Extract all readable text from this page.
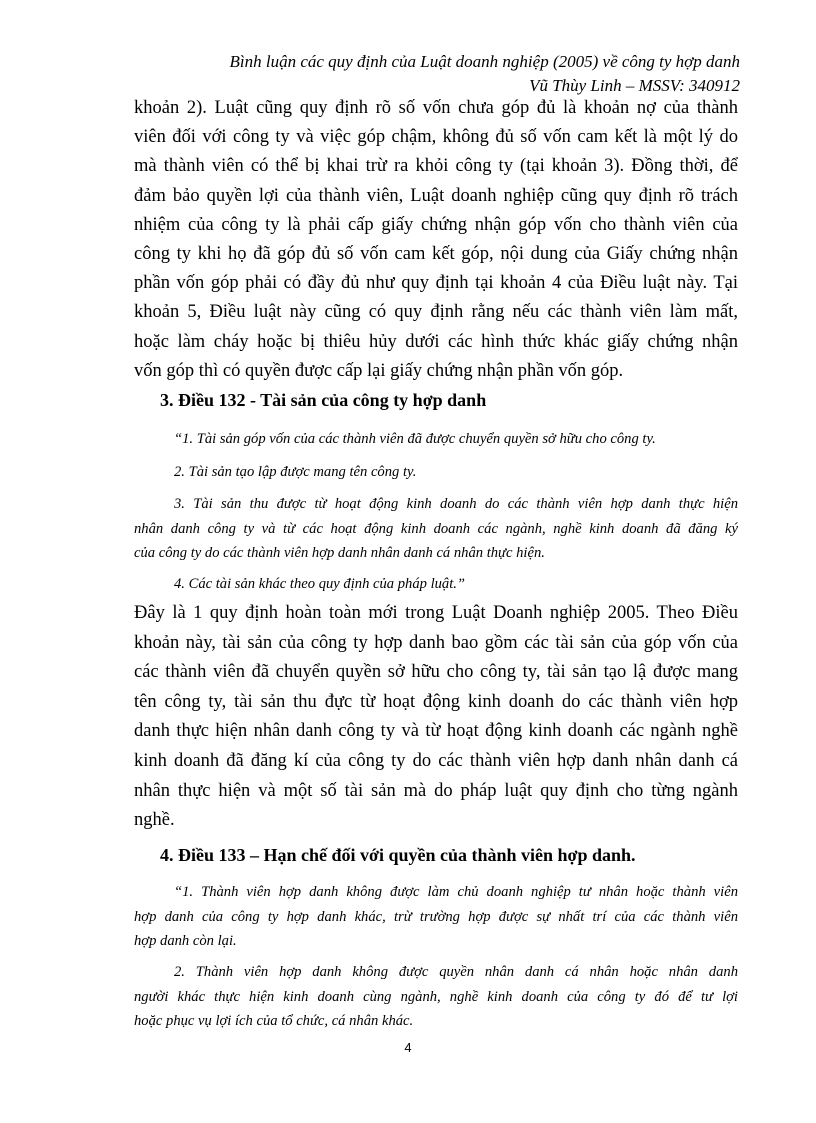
Bình luận các quy định của Luật doanh nghiệp (2005) về công ty hợp danh
Vũ Thùy Linh – MSSV: 340912
khoản 2). Luật cũng quy định rõ số vốn chưa góp đủ là khoản nợ của thành
viên đối với công ty và việc góp chậm, không đủ số vốn cam kết là một lý do
mà thành viên có thể bị khai trừ ra khỏi công ty (tại khoản 3). Đồng thời, để
đảm bảo quyền lợi của thành viên, Luật doanh nghiệp cũng quy định rõ trách
nhiệm của công ty là phải cấp giấy chứng nhận góp vốn cho thành viên của
công ty khi họ đã góp đủ số vốn cam kết góp, nội dung của Giấy chứng nhận
phần vốn góp phải có đầy đủ như quy định tại khoản 4 của Điều luật này. Tại
khoản 5, Điều luật này cũng có quy định rằng nếu các thành viên làm mất,
hoặc làm cháy hoặc bị thiêu hủy dưới các hình thức khác giấy chứng nhận
vốn góp thì có quyền được cấp lại giấy chứng nhận phần vốn góp.
3. Điều 132 - Tài sản của công ty hợp danh
“1. Tài sản góp vốn của các thành viên đã được chuyển quyền sở hữu cho công ty.
2. Tài sản tạo lập được mang tên công ty.
3. Tài sản thu được từ hoạt động kinh doanh do các thành viên hợp danh thực hiện
nhân danh công ty và từ các hoạt động kinh doanh các ngành, nghề kinh doanh đã đăng ký
của công ty do các thành viên hợp danh nhân danh cá nhân thực hiện.
4. Các tài sản khác theo quy định của pháp luật.”
Đây là 1 quy định hoàn toàn mới trong Luật Doanh nghiệp 2005. Theo Điều
khoản này, tài sản của công ty hợp danh bao gồm các tài sản của góp vốn của
các thành viên đã chuyển quyền sở hữu cho công ty, tài sản tạo lậ được mang
tên công ty, tài sản thu đực từ hoạt động kinh doanh do các thành viên hợp
danh thực hiện nhân danh công ty và từ hoạt động kinh doanh các ngành nghề
kinh doanh đã đăng kí của công ty do các thành viên hợp danh nhân danh cá
nhân thực hiện và một số tài sản mà do pháp luật quy định cho từng ngành
nghề.
4. Điều 133 – Hạn chế đối với quyền của thành viên hợp danh.
“1. Thành viên hợp danh không được làm chủ doanh nghiệp tư nhân hoặc thành viên
hợp danh của công ty hợp danh khác, trừ trường hợp được sự nhất trí của các thành viên
hợp danh còn lại.
2. Thành viên hợp danh không được quyền nhân danh cá nhân hoặc nhân danh
người khác thực hiện kinh doanh cùng ngành, nghề kinh doanh của công ty đó để tư lợi
hoặc phục vụ lợi ích của tổ chức, cá nhân khác.
4
